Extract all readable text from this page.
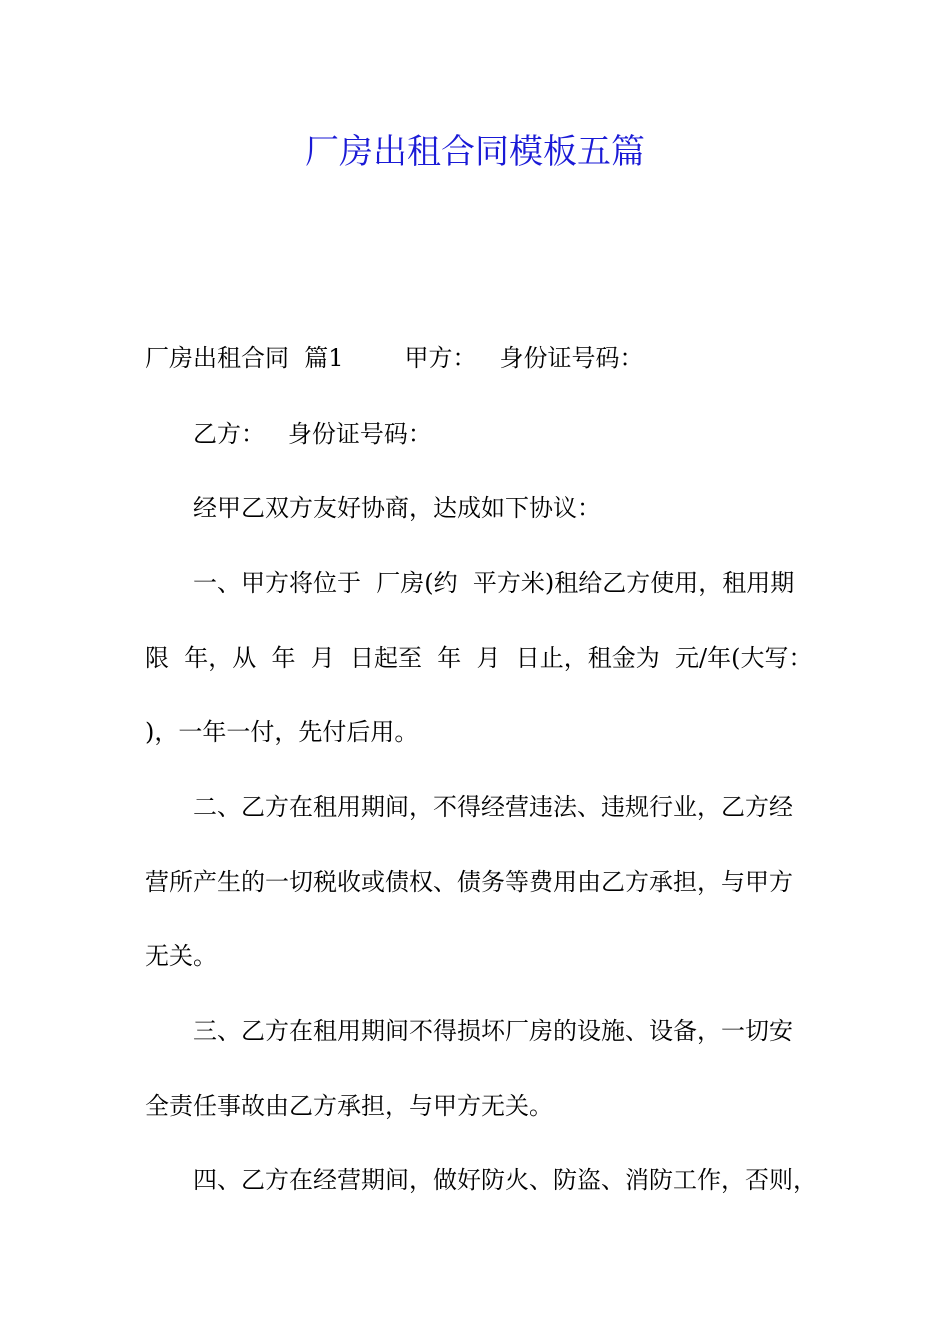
厂房出租合同模板五篇
厂房出租合同  篇1        甲方：   身份证号码：
乙方：   身份证号码：
经甲乙双方友好协商，达成如下协议：
一、甲方将位于  厂房(约  平方米)租给乙方使用，租用期
限  年，从  年  月  日起至  年  月  日止，租金为  元/年(大写：
)，一年一付，先付后用。
二、乙方在租用期间，不得经营违法、违规行业，乙方经
营所产生的一切税收或债权、债务等费用由乙方承担，与甲方
无关。
三、乙方在租用期间不得损坏厂房的设施、设备，一切安
全责任事故由乙方承担，与甲方无关。
四、乙方在经营期间，做好防火、防盗、消防工作，否则，
